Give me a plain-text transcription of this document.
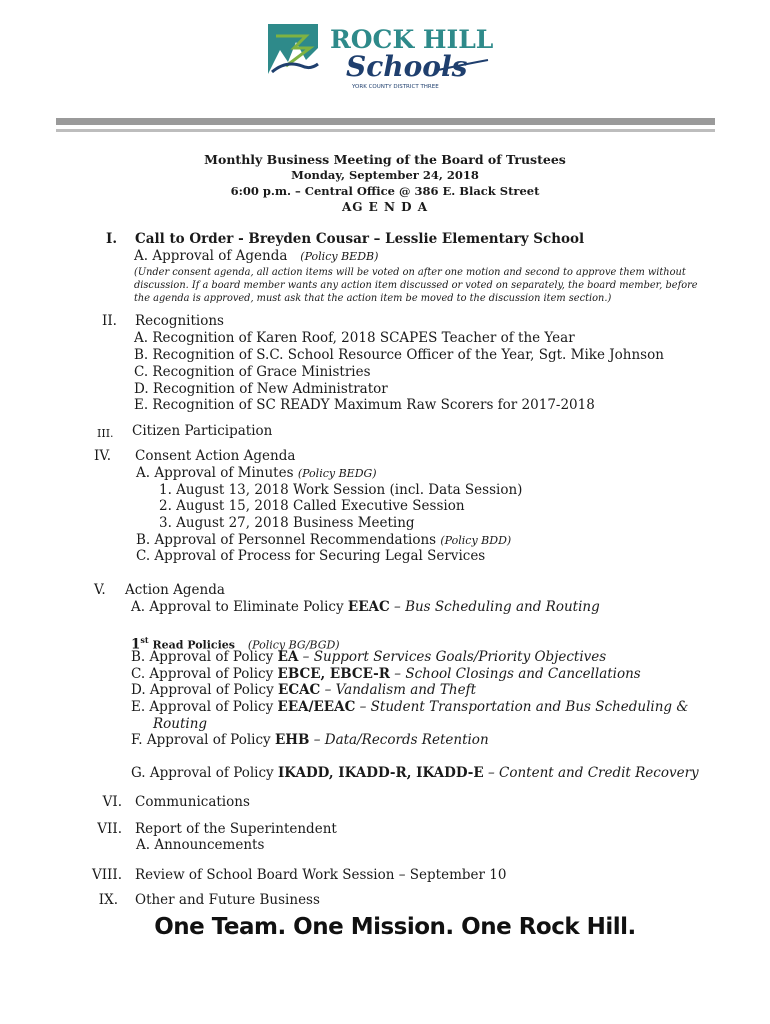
ROCK HILL
Schools
YORK COUNTY DISTRICT THREE
Monthly Business Meeting of the Board of Trustees
Monday, September 24, 2018
6:00 p.m. – Central Office @ 386 E. Black Street
AG E N D A
I. Call to Order - Breyden Cousar – Lesslie Elementary School
A. Approval of Agenda (Policy BEDB)
(Under consent agenda, all action items will be voted on after one motion and second to approve them without discussion. If a board member wants any action item discussed or voted on separately, the board member, before the agenda is approved, must ask that the action item be moved to the discussion item section.)
II. Recognitions
A. Recognition of Karen Roof, 2018 SCAPES Teacher of the Year
B. Recognition of S.C. School Resource Officer of the Year, Sgt. Mike Johnson
C. Recognition of Grace Ministries
D. Recognition of New Administrator
E. Recognition of SC READY Maximum Raw Scorers for 2017-2018
III. Citizen Participation
IV. Consent Action Agenda
A. Approval of Minutes (Policy BEDG)
1. August 13, 2018 Work Session (incl. Data Session)
2. August 15, 2018 Called Executive Session
3. August 27, 2018 Business Meeting
B. Approval of Personnel Recommendations (Policy BDD)
C. Approval of Process for Securing Legal Services
V. Action Agenda
A. Approval to Eliminate Policy EEAC – Bus Scheduling and Routing
1st Read Policies (Policy BG/BGD)
B. Approval of Policy EA – Support Services Goals/Priority Objectives
C. Approval of Policy EBCE, EBCE-R – School Closings and Cancellations
D. Approval of Policy ECAC – Vandalism and Theft
E. Approval of Policy EEA/EEAC – Student Transportation and Bus Scheduling &
Routing
F. Approval of Policy EHB – Data/Records Retention
G. Approval of Policy IKADD, IKADD-R, IKADD-E – Content and Credit Recovery
VI. Communications
VII. Report of the Superintendent
A. Announcements
VIII. Review of School Board Work Session – September 10
IX. Other and Future Business
One Team. One Mission. One Rock Hill.
